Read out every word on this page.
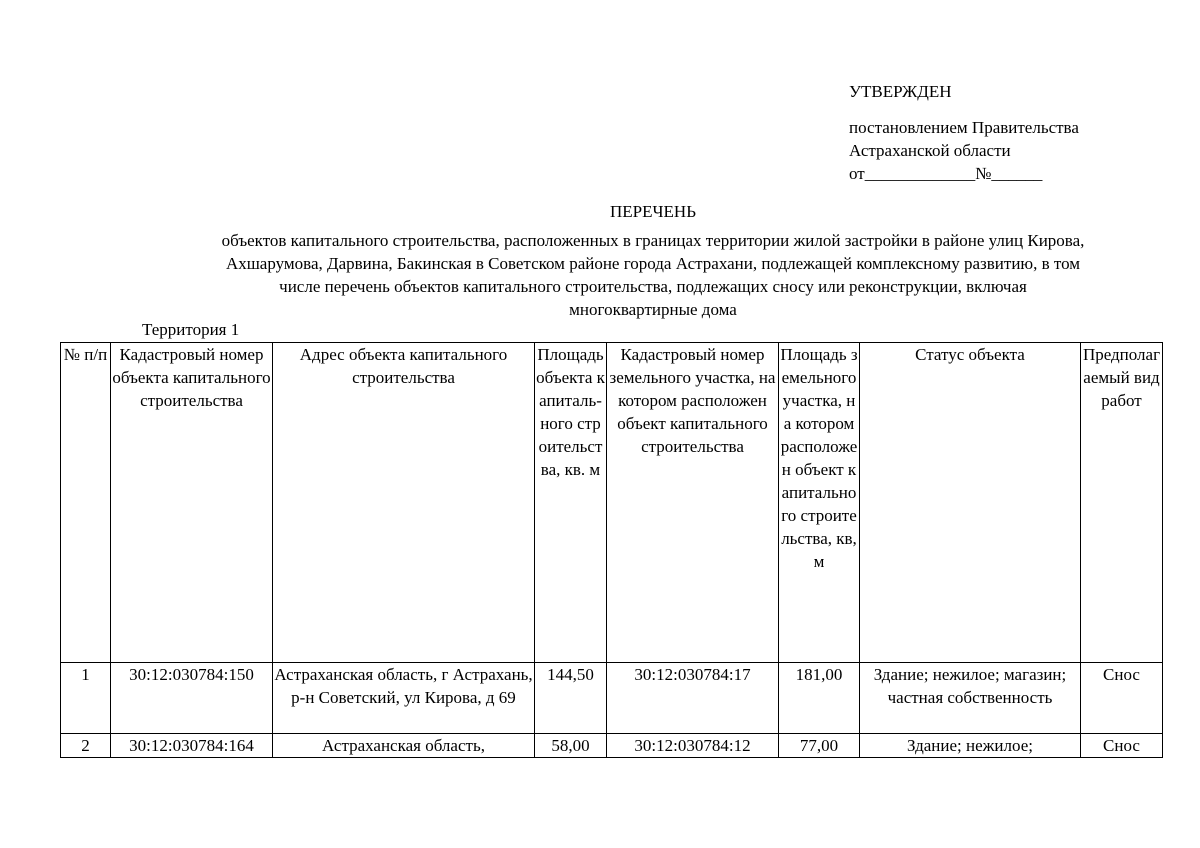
УТВЕРЖДЕН
постановлением Правительства
Астраханской области
от_____________№______
ПЕРЕЧЕНЬ
объектов капитального строительства, расположенных в границах территории жилой застройки в районе улиц Кирова,
Ахшарумова, Дарвина, Бакинская в Советском районе города Астрахани, подлежащей комплексному развитию, в том
числе перечень объектов капитального строительства, подлежащих сносу или реконструкции, включая
многоквартирные дома
Территория 1
№ п/п	Кадастровый номер объекта капитального строительства	Адрес объекта капитального строительства	Площадь объекта капиталь-ного строительства, кв. м	Кадастровый номер земельного участка, на котором расположен объект капитального строительства	Площадь земельного участка, на котором расположен объект капитального строительства, кв, м	Статус объекта	Предполагаемый вид работ
1	30:12:030784:150	Астраханская область, г Астрахань, р-н Советский, ул Кирова, д 69	144,50	30:12:030784:17	181,00	Здание; нежилое; магазин; частная собственность	Снос
2	30:12:030784:164	Астраханская область,	58,00	30:12:030784:12	77,00	Здание; нежилое;	Снос
